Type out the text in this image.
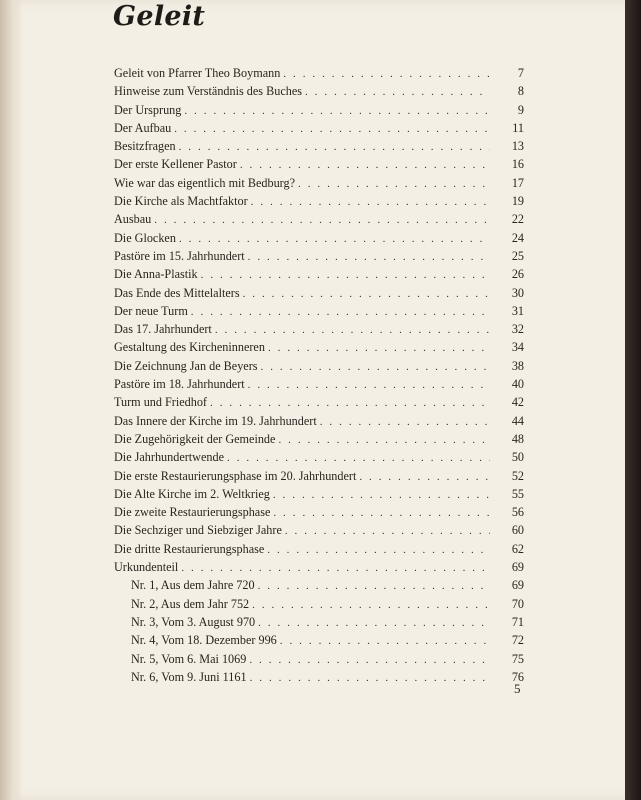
Geleit
Geleit von Pfarrer Theo Boymann . . .	7
Hinweise zum Verständnis des Buches . . .	8
Der Ursprung . . .	9
Der Aufbau . . .	11
Besitzfragen . . .	13
Der erste Kellener Pastor . . .	16
Wie war das eigentlich mit Bedburg? . . .	17
Die Kirche als Machtfaktor . . .	19
Ausbau . . .	22
Die Glocken . . .	24
Pastöre im 15. Jahrhundert . . .	25
Die Anna-Plastik . . .	26
Das Ende des Mittelalters . . .	30
Der neue Turm . . .	31
Das 17. Jahrhundert . . .	32
Gestaltung des Kircheninneren . . .	34
Die Zeichnung Jan de Beyers . . .	38
Pastöre im 18. Jahrhundert . . .	40
Turm und Friedhof . . .	42
Das Innere der Kirche im 19. Jahrhundert . . .	44
Die Zugehörigkeit der Gemeinde . . .	48
Die Jahrhundertwende . . .	50
Die erste Restaurierungsphase im 20. Jahrhundert . . .	52
Die Alte Kirche im 2. Weltkrieg . . .	55
Die zweite Restaurierungsphase . . .	56
Die Sechziger und Siebziger Jahre . . .	60
Die dritte Restaurierungsphase . . .	62
Urkundenteil . . .	69
Nr. 1, Aus dem Jahre 720 . . .	69
Nr. 2, Aus dem Jahr 752 . . .	70
Nr. 3, Vom 3. August 970 . . .	71
Nr. 4, Vom 18. Dezember 996 . . .	72
Nr. 5, Vom 6. Mai 1069 . . .	75
Nr. 6, Vom 9. Juni 1161 . . .	76
5
